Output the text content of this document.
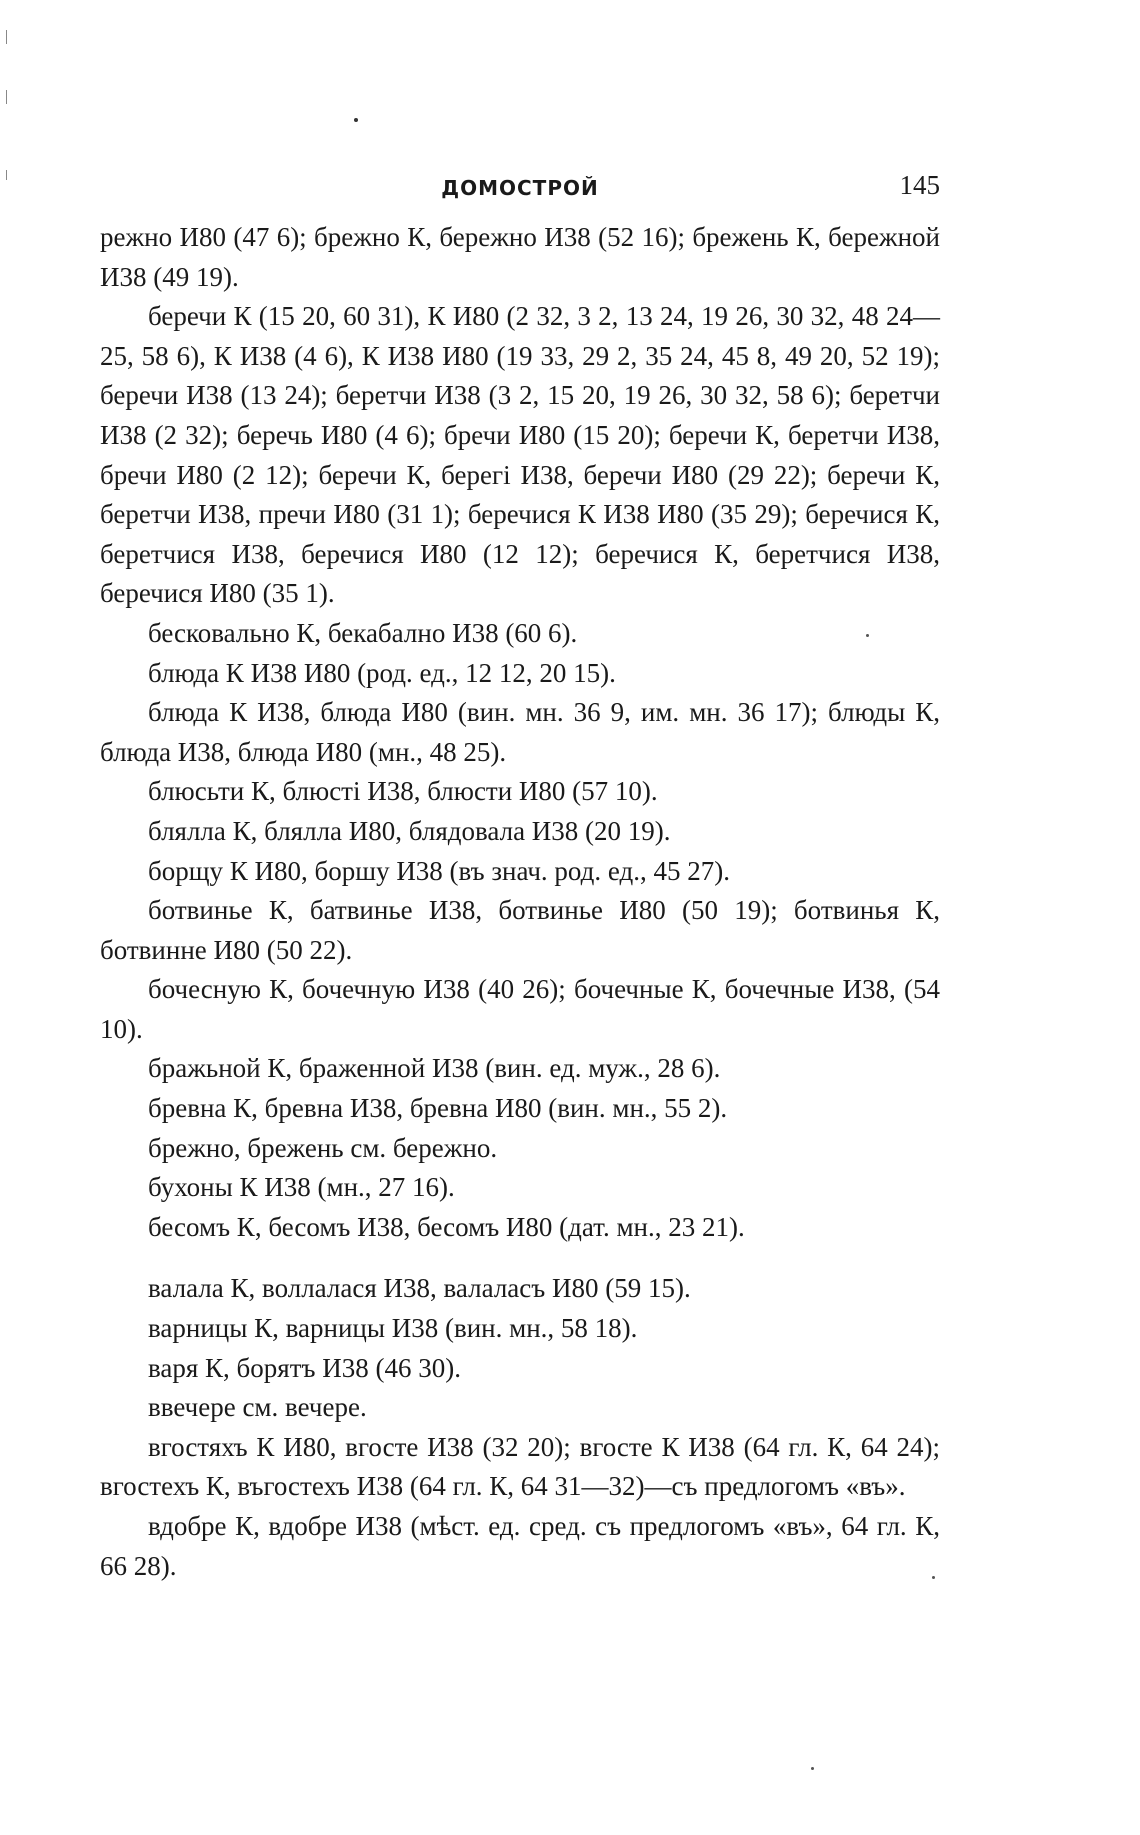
ДОМОСТРОЙ	145

режно И80 (47 6); брежно К, бережно И38 (52 16); брежень К, бережной И38 (49 19).

беречи К (15 20, 60 31), К И80 (2 32, 3 2, 13 24, 19 26, 30 32, 48 24—25, 58 6), К И38 (4 6), К И38 И80 (19 33, 29 2, 35 24, 45 8, 49 20, 52 19); беречи И38 (13 24); беретчи И38 (3 2, 15 20, 19 26, 30 32, 58 6); беретчи И38 (2 32); беречь И80 (4 6); бречи И80 (15 20); беречи К, беретчи И38, бречи И80 (2 12); беречи К, берегі И38, беречи И80 (29 22); беречи К, беретчи И38, пречи И80 (31 1); беречися К И38 И80 (35 29); беречися К, беретчися И38, беречися И80 (12 12); беречися К, беретчися И38, беречися И80 (35 1).

бесковально К, бекабално И38 (60 6).

блюда К И38 И80 (род. ед., 12 12, 20 15).

блюда К И38, блюда И80 (вин. мн. 36 9, им. мн. 36 17); блюды К, блюда И38, блюда И80 (мн., 48 25).

блюсьти К, блюсті И38, блюсти И80 (57 10).

блялла К, блялла И80, блядовала И38 (20 19).

борщу К И80, боршу И38 (въ знач. род. ед., 45 27).

ботвинье К, батвинье И38, ботвинье И80 (50 19); ботвинья К, ботвинне И80 (50 22).

бочесную К, бочечную И38 (40 26); бочечные К, бочечные И38, (54 10).

бражьной К, браженной И38 (вин. ед. муж., 28 6).

бревна К, бревна И38, бревна И80 (вин. мн., 55 2).

брежно, брежень см. бережно.

бухоны К И38 (мн., 27 16).

бесомъ К, бесомъ И38, бесомъ И80 (дат. мн., 23 21).

валала К, воллалася И38, валаласъ И80 (59 15).

варницы К, варницы И38 (вин. мн., 58 18).

варя К, борятъ И38 (46 30).

ввечере см. вечере.

вгостяхъ К И80, вгосте И38 (32 20); вгосте К И38 (64 гл. К, 64 24); вгостехъ К, въгостехъ И38 (64 гл. К, 64 31—32)—съ предлогомъ «въ».

вдобре К, вдобре И38 (мѣст. ед. сред. съ предлогомъ «въ», 64 гл. К, 66 28).
